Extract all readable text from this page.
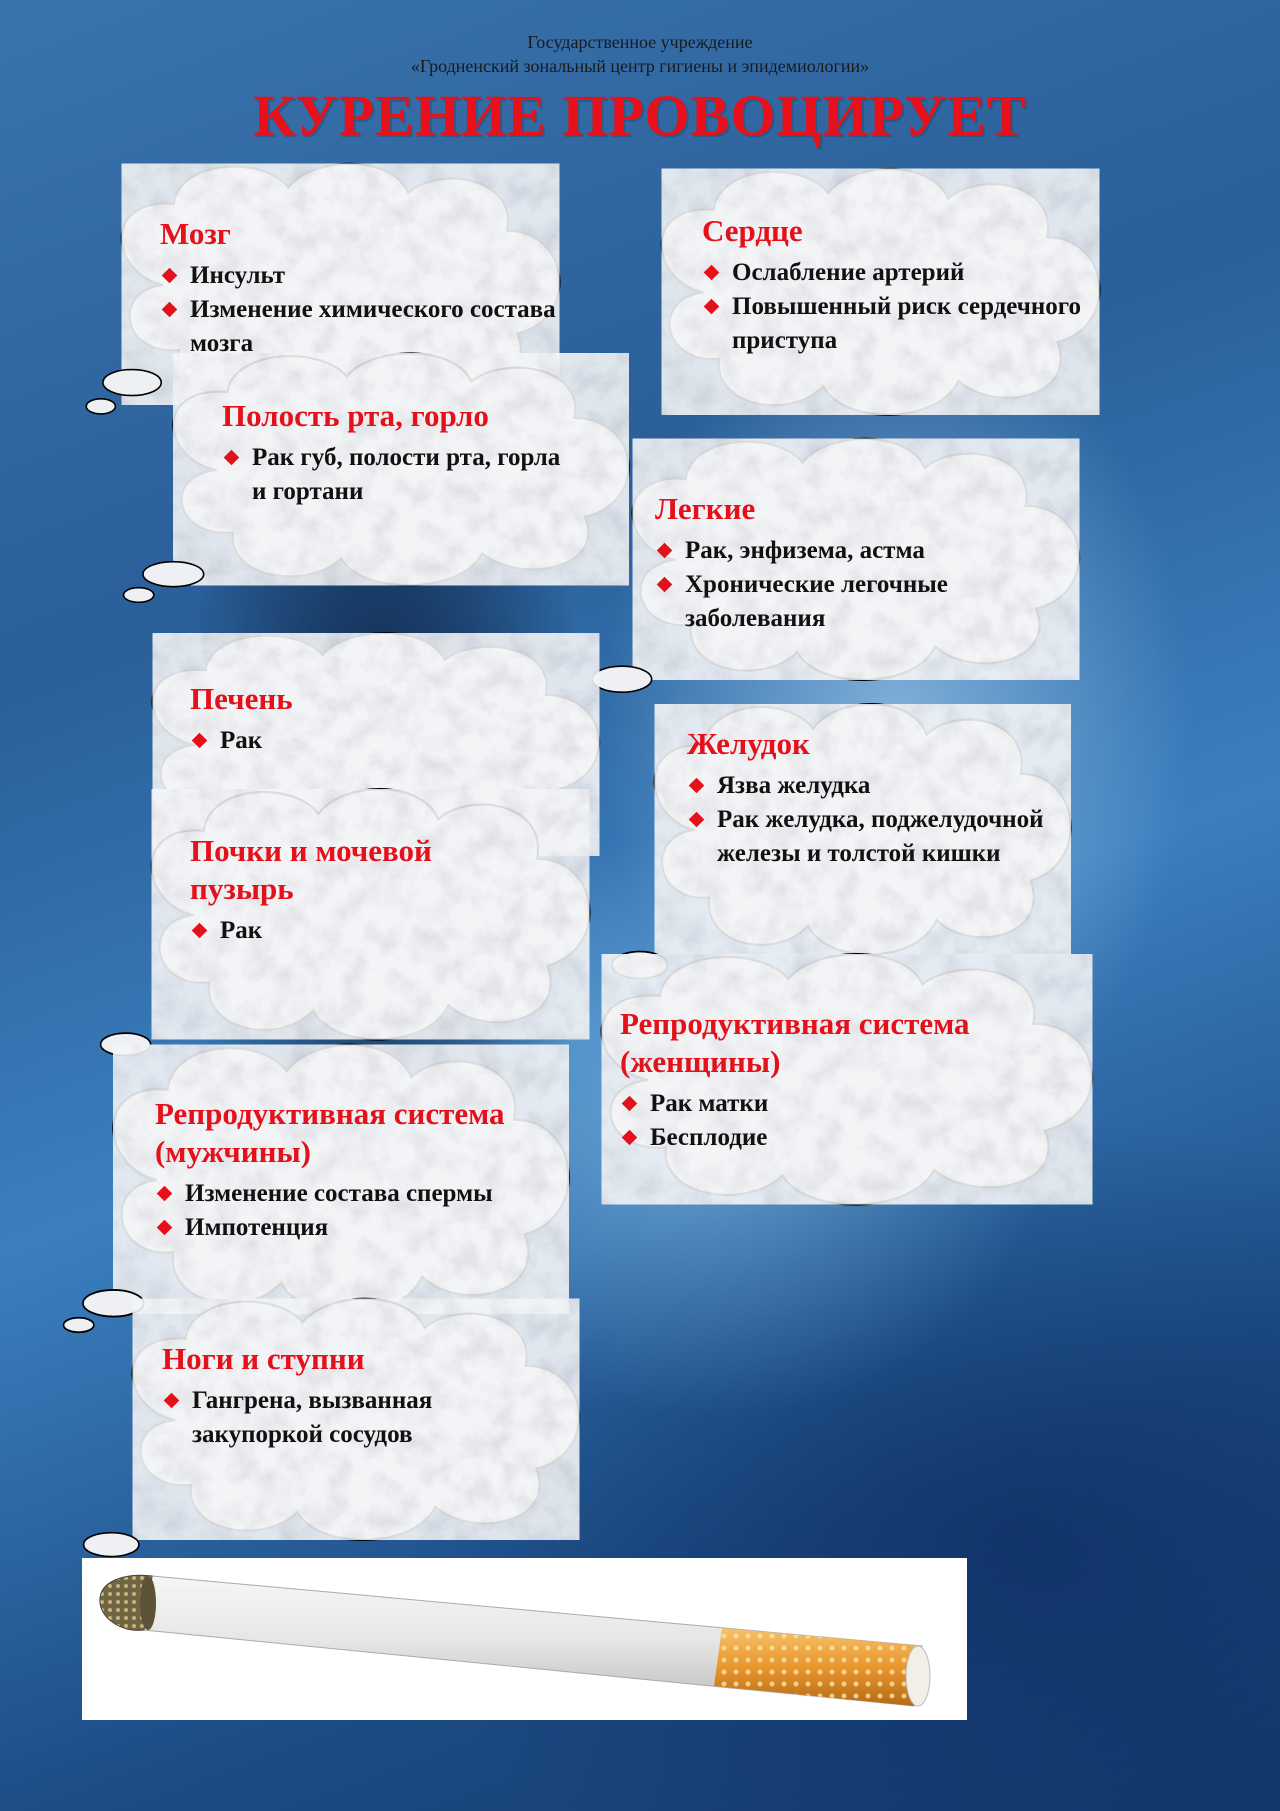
Государственное учреждение
«Гродненский зональный центр гигиены и эпидемиологии»
КУРЕНИЕ ПРОВОЦИРУЕТ
Мозг
Инсульт
Изменение химического состава мозга
Сердце
Ослабление артерий
Повышенный риск сердечного приступа
Полость рта, горло
Рак губ, полости рта, горла и гортани	Легкие
Рак, энфизема, астма
Хронические легочные заболевания
Печень
Рак	Желудок
Язва желудка
Рак желудка, поджелудочной железы и толстой кишки
Почки и мочевой пузырь
Рак
Репродуктивная система (женщины)
Рак матки
Бесплодие
Репродуктивная система (мужчины)
Изменение состава спермы
Импотенция
Ноги и ступни
Гангрена, вызванная закупоркой сосудов
